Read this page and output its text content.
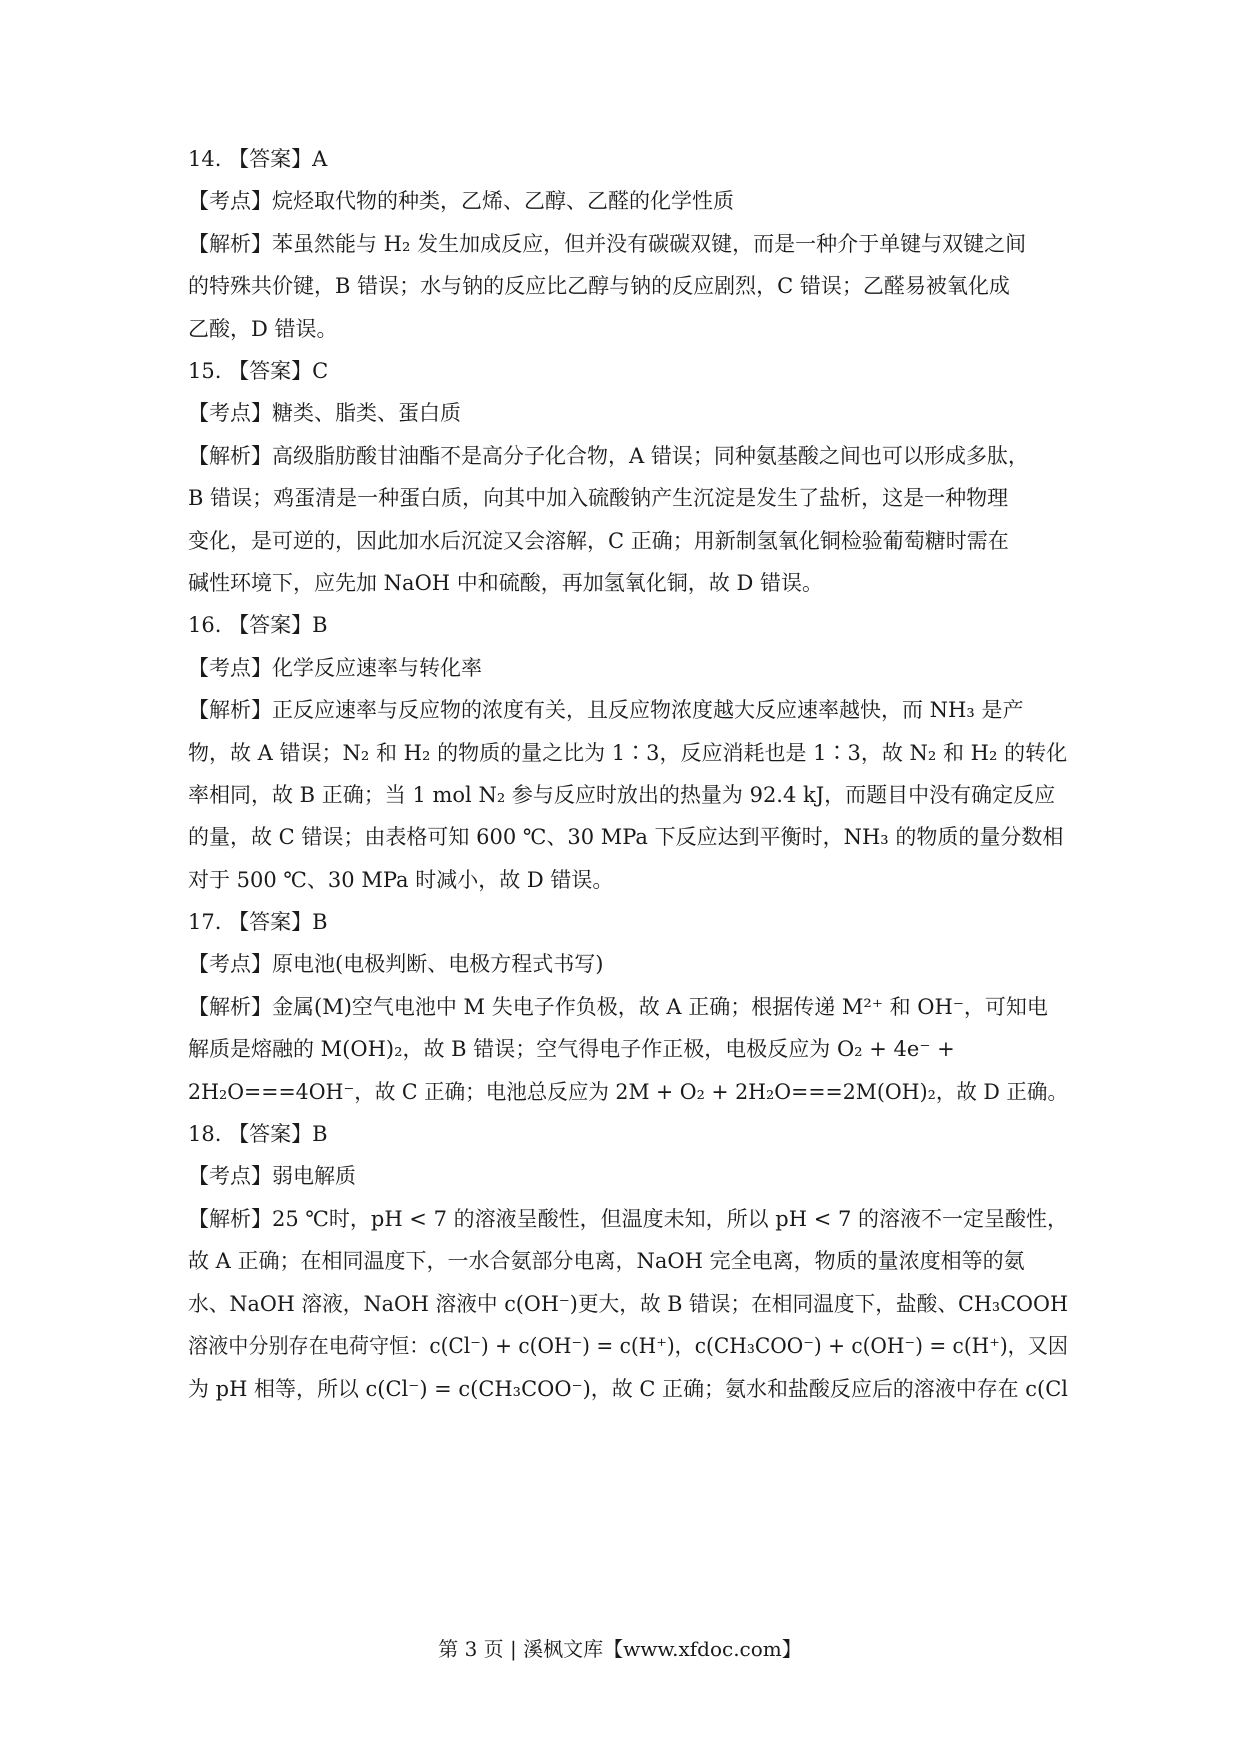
14. 【答案】A
【考点】烷烃取代物的种类，乙烯、乙醇、乙醛的化学性质
【解析】苯虽然能与 H₂ 发生加成反应，但并没有碳碳双键，而是一种介于单键与双键之间
的特殊共价键，B 错误；水与钠的反应比乙醇与钠的反应剧烈，C 错误；乙醛易被氧化成
乙酸，D 错误。
15. 【答案】C
【考点】糖类、脂类、蛋白质
【解析】高级脂肪酸甘油酯不是高分子化合物，A 错误；同种氨基酸之间也可以形成多肽，
B 错误；鸡蛋清是一种蛋白质，向其中加入硫酸钠产生沉淀是发生了盐析，这是一种物理
变化，是可逆的，因此加水后沉淀又会溶解，C 正确；用新制氢氧化铜检验葡萄糖时需在
碱性环境下，应先加 NaOH 中和硫酸，再加氢氧化铜，故 D 错误。
16. 【答案】B
【考点】化学反应速率与转化率
【解析】正反应速率与反应物的浓度有关，且反应物浓度越大反应速率越快，而 NH₃ 是产
物，故 A 错误；N₂ 和 H₂ 的物质的量之比为 1∶3，反应消耗也是 1∶3，故 N₂ 和 H₂ 的转化
率相同，故 B 正确；当 1 mol N₂ 参与反应时放出的热量为 92.4 kJ，而题目中没有确定反应
的量，故 C 错误；由表格可知 600 ℃、30 MPa 下反应达到平衡时，NH₃ 的物质的量分数相
对于 500 ℃、30 MPa 时减小，故 D 错误。
17. 【答案】B
【考点】原电池(电极判断、电极方程式书写)
【解析】金属(M)空气电池中 M 失电子作负极，故 A 正确；根据传递 M²⁺ 和 OH⁻，可知电
解质是熔融的 M(OH)₂，故 B 错误；空气得电子作正极，电极反应为 O₂ + 4e⁻ +
2H₂O===4OH⁻，故 C 正确；电池总反应为 2M + O₂ + 2H₂O===2M(OH)₂，故 D 正确。
18. 【答案】B
【考点】弱电解质
【解析】25 ℃时，pH < 7 的溶液呈酸性，但温度未知，所以 pH < 7 的溶液不一定呈酸性，
故 A 正确；在相同温度下，一水合氨部分电离，NaOH 完全电离，物质的量浓度相等的氨
水、NaOH 溶液，NaOH 溶液中 c(OH⁻)更大，故 B 错误；在相同温度下，盐酸、CH₃COOH
溶液中分别存在电荷守恒：c(Cl⁻) + c(OH⁻) = c(H⁺)，c(CH₃COO⁻) + c(OH⁻) = c(H⁺)，又因
为 pH 相等，所以 c(Cl⁻) = c(CH₃COO⁻)，故 C 正确；氨水和盐酸反应后的溶液中存在 c(Cl
第 3 页 | 溪枫文库【www.xfdoc.com】
